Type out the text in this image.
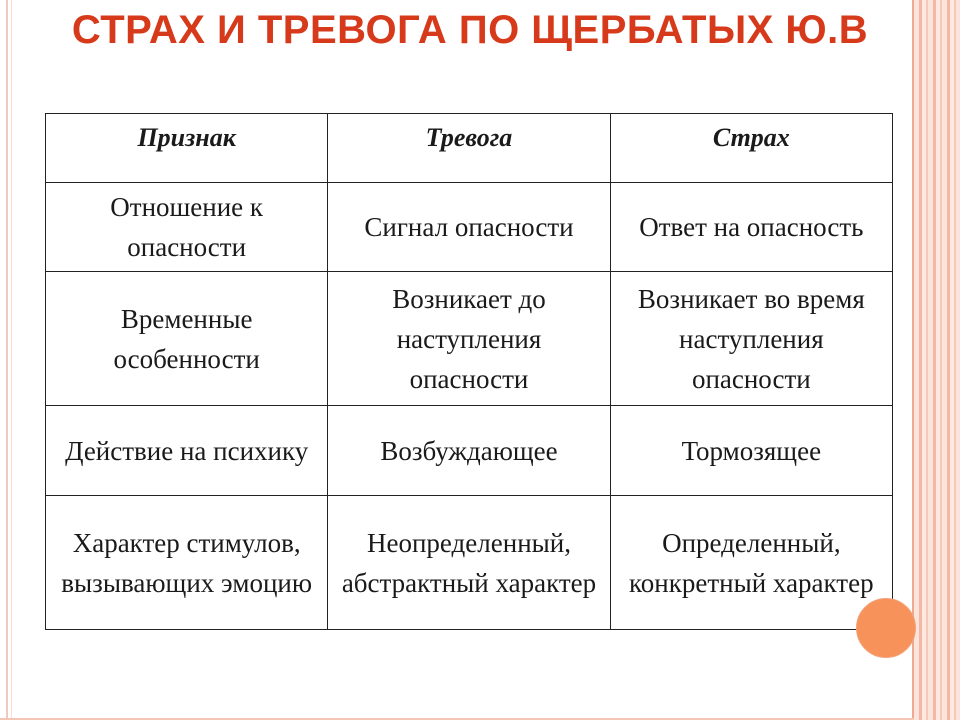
СТРАХ И ТРЕВОГА ПО ЩЕРБАТЫХ Ю.В
Признак	Тревога	Страх
Отношение к опасности	Сигнал опасности	Ответ на опасность
Временные особенности	Возникает до наступления опасности	Возникает во время наступления опасности
Действие на психику	Возбуждающее	Тормозящее
Характер стимулов, вызывающих эмоцию	Неопределенный, абстрактный характер	Определенный, конкретный характер
